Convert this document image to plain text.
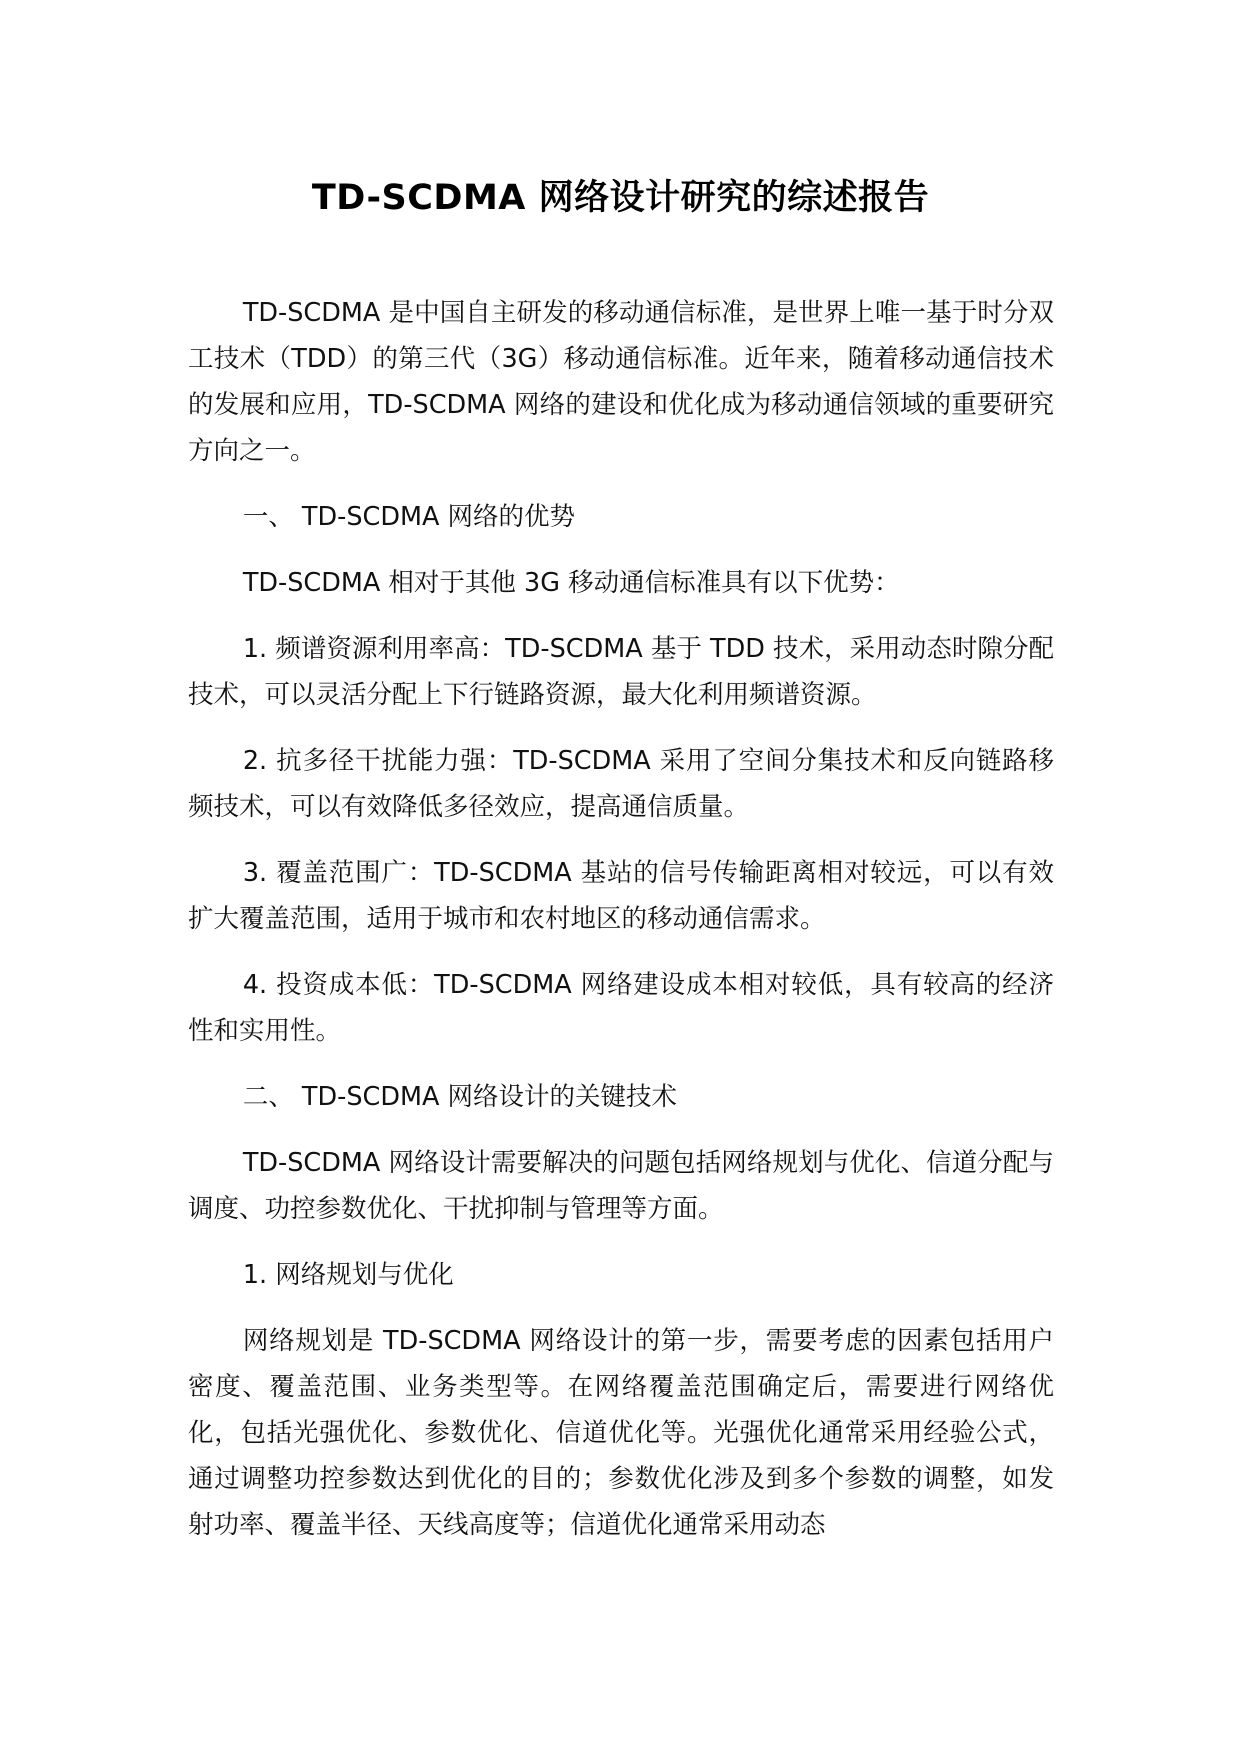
TD-SCDMA 网络设计研究的综述报告

TD-SCDMA 是中国自主研发的移动通信标准，是世界上唯一基于时分双工技术（TDD）的第三代（3G）移动通信标准。近年来，随着移动通信技术的发展和应用，TD-SCDMA 网络的建设和优化成为移动通信领域的重要研究方向之一。

一、 TD-SCDMA 网络的优势

TD-SCDMA 相对于其他 3G 移动通信标准具有以下优势：

1. 频谱资源利用率高：TD-SCDMA 基于 TDD 技术，采用动态时隙分配技术，可以灵活分配上下行链路资源，最大化利用频谱资源。

2. 抗多径干扰能力强：TD-SCDMA 采用了空间分集技术和反向链路移频技术，可以有效降低多径效应，提高通信质量。

3. 覆盖范围广：TD-SCDMA 基站的信号传输距离相对较远，可以有效扩大覆盖范围，适用于城市和农村地区的移动通信需求。

4. 投资成本低：TD-SCDMA 网络建设成本相对较低，具有较高的经济性和实用性。

二、 TD-SCDMA 网络设计的关键技术

TD-SCDMA 网络设计需要解决的问题包括网络规划与优化、信道分配与调度、功控参数优化、干扰抑制与管理等方面。

1. 网络规划与优化

网络规划是 TD-SCDMA 网络设计的第一步，需要考虑的因素包括用户密度、覆盖范围、业务类型等。在网络覆盖范围确定后，需要进行网络优化，包括光强优化、参数优化、信道优化等。光强优化通常采用经验公式，通过调整功控参数达到优化的目的；参数优化涉及到多个参数的调整，如发射功率、覆盖半径、天线高度等；信道优化通常采用动态
